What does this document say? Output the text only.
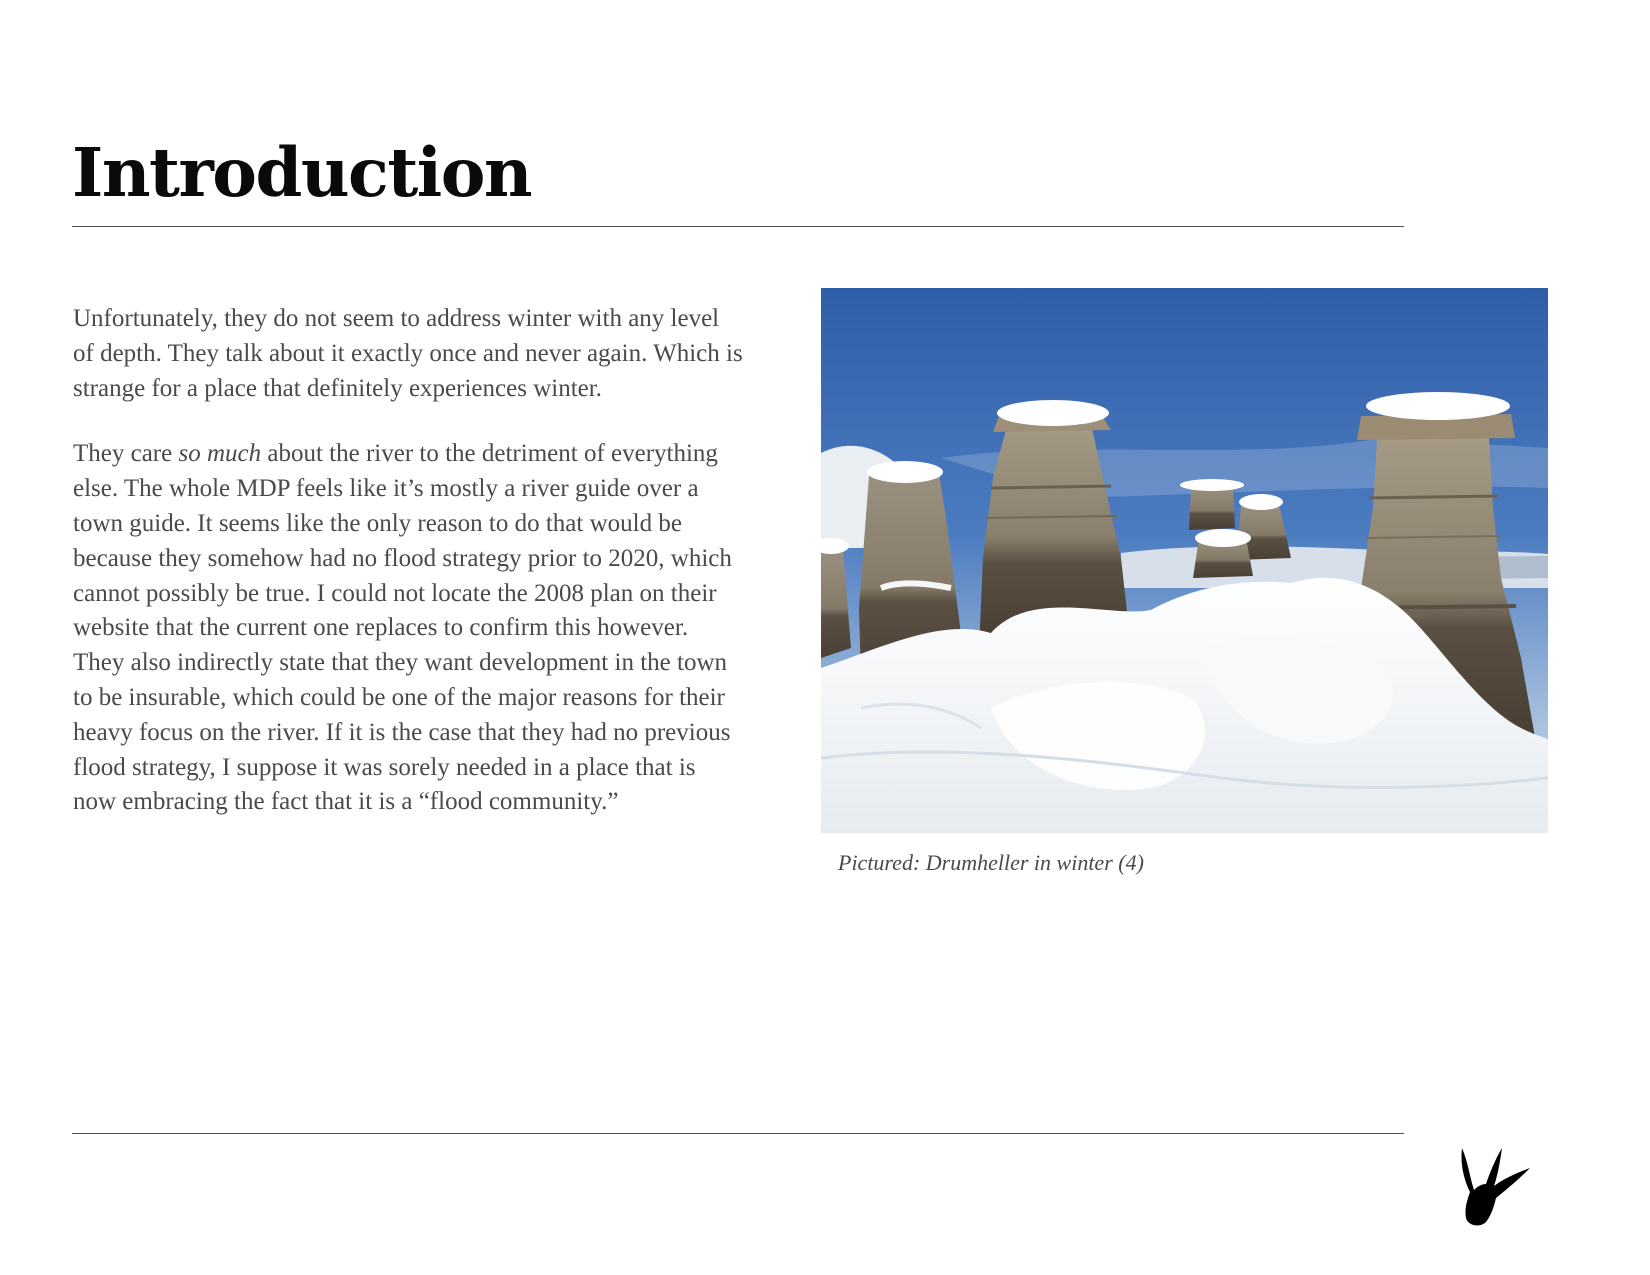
Introduction

Unfortunately, they do not seem to address winter with any level of depth. They talk about it exactly once and never again. Which is strange for a place that definitely experiences winter.

They care so much about the river to the detriment of everything else. The whole MDP feels like it’s mostly a river guide over a town guide. It seems like the only reason to do that would be because they somehow had no flood strategy prior to 2020, which cannot possibly be true. I could not locate the 2008 plan on their website that the current one replaces to confirm this however. They also indirectly state that they want development in the town to be insurable, which could be one of the major reasons for their heavy focus on the river. If it is the case that they had no previous flood strategy, I suppose it was sorely needed in a place that is now embracing the fact that it is a “flood community.”

Pictured: Drumheller in winter (4)
